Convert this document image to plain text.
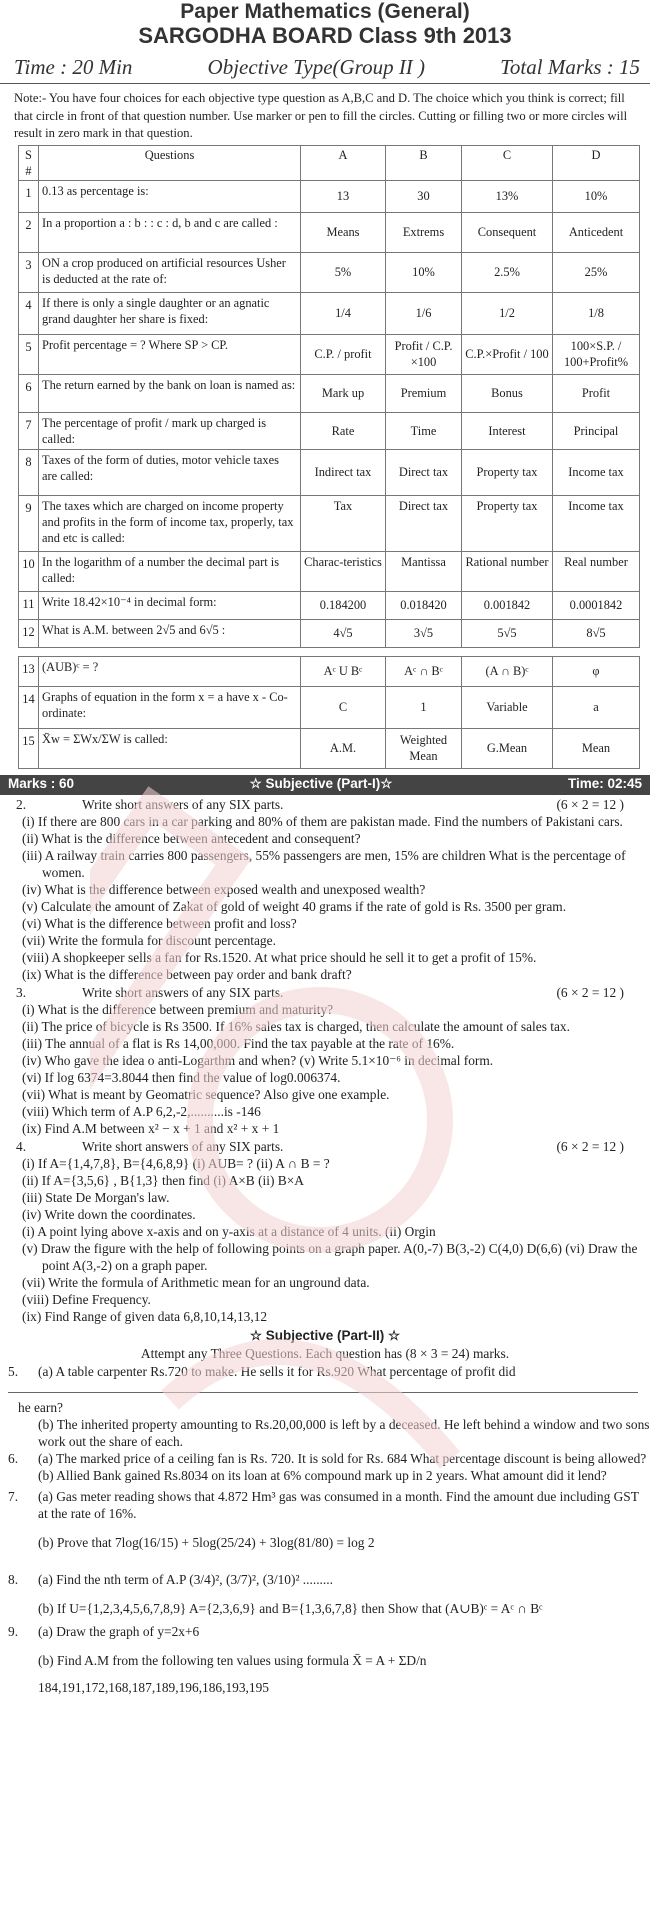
Paper Mathematics (General)
SARGODHA BOARD Class 9th 2013
Time : 20 Min	Objective Type(Group II )	Total Marks : 15
Note:- You have four choices for each objective type question as A,B,C and D. The choice which you think is correct; fill that circle in front of that question number. Use marker or pen to fill the circles. Cutting or filling two or more circles will result in zero mark in that question.
S #	Questions	A	B	C	D
1	0.13 as percentage is:	13	30	13%	10%
2	In a proportion a : b : : c : d, b and c are called :	Means	Extrems	Consequent	Anticedent
3	ON a crop produced on artificial resources Usher is deducted at the rate of:	5%	10%	2.5%	25%
4	If there is only a single daughter or an agnatic grand daughter her share is fixed:	1/4	1/6	1/2	1/8
5	Profit percentage = ? Where SP > CP.	C.P. / profit	Profit / C.P. ×100	C.P.×Profit / 100	100×S.P. / 100+Profit%
6	The return earned by the bank on loan is named as:	Mark up	Premium	Bonus	Profit
7	The percentage of profit / mark up charged is called:	Rate	Time	Interest	Principal
8	Taxes of the form of duties, motor vehicle taxes are called:	Indirect tax	Direct tax	Property tax	Income tax
9	The taxes which are charged on income property and profits in the form of income tax, properly, tax and etc is called:	Tax	Direct tax	Property tax	Income tax
10	In the logarithm of a number the decimal part is called:	Charac-teristics	Mantissa	Rational number	Real number
11	Write 18.42×10⁻⁴ in decimal form:	0.184200	0.018420	0.001842	0.0001842
12	What is A.M. between 2√5 and 6√5 :	4√5	3√5	5√5	8√5
13	(AUB)ᶜ = ?	Aᶜ U Bᶜ	Aᶜ ∩ Bᶜ	(A ∩ B)ᶜ	φ
14	Graphs of equation in the form x = a have x - Co-ordinate:	C	1	Variable	a
15	X̄w = ΣWx/ΣW is called:	A.M.	Weighted Mean	G.Mean	Mean
Marks : 60	☆ Subjective (Part-I)☆	Time: 02:45
2.	Write short answers of any SIX parts.	(6 × 2 = 12 )
(i) If there are 800 cars in a car parking and 80% of them are pakistan made. Find the numbers of Pakistani cars.
(ii) What is the difference between antecedent and consequent?
(iii) A railway train carries 800 passengers, 55% passengers are men, 15% are children What is the percentage of women.
(iv) What is the difference between exposed wealth and unexposed wealth?
(v) Calculate the amount of Zakat of gold of weight 40 grams if the rate of gold is Rs. 3500 per gram.
(vi) What is the difference between profit and loss?
(vii) Write the formula for discount percentage.
(viii) A shopkeeper sells a fan for Rs.1520. At what price should he sell it to get a profit of 15%.
(ix) What is the difference between pay order and bank draft?
3.	Write short answers of any SIX parts.	(6 × 2 = 12 )
(i) What is the difference between premium and maturity?
(ii) The price of bicycle is Rs 3500. If 16% sales tax is charged, then calculate the amount of sales tax.
(iii) The annual of a flat is Rs 14,00,000. Find the tax payable at the rate of 16%.
(iv) Who gave the idea o anti-Logarthm and when? (v) Write 5.1×10⁻⁶ in decimal form.
(vi) If log 6374=3.8044 then find the value of log0.006374.
(vii) What is meant by Geomatric sequence? Also give one example.
(viii) Which term of A.P 6,2,-2,..........is -146
(ix) Find A.M between x² − x + 1 and x² + x + 1
4.	Write short answers of any SIX parts.	(6 × 2 = 12 )
(i) If A={1,4,7,8}, B={4,6,8,9} (i) AUB= ? (ii) A ∩ B = ?
(ii) If A={3,5,6} , B{1,3} then find (i) A×B (ii) B×A
(iii) State De Morgan's law.
(iv) Write down the coordinates.
(i) A point lying above x-axis and on y-axis at a distance of 4 units. (ii) Orgin
(v) Draw the figure with the help of following points on a graph paper. A(0,-7) B(3,-2) C(4,0) D(6,6) (vi) Draw the point A(3,-2) on a graph paper.
(vii) Write the formula of Arithmetic mean for an unground data.
(viii) Define Frequency.
(ix) Find Range of given data 6,8,10,14,13,12
☆ Subjective (Part-II) ☆
Attempt any Three Questions. Each question has (8 × 3 = 24) marks.
5.	(a) A table carpenter Rs.720 to make. He sells it for Rs.920 What percentage of profit did
he earn?
(b) The inherited property amounting to Rs.20,00,000 is left by a deceased. He left behind a window and two sons work out the share of each.
6.	(a) The marked price of a ceiling fan is Rs. 720. It is sold for Rs. 684 What percentage discount is being allowed?
(b) Allied Bank gained Rs.8034 on its loan at 6% compound mark up in 2 years. What amount did it lend?
7.	(a) Gas meter reading shows that 4.872 Hm³ gas was consumed in a month. Find the amount due including GST at the rate of 16%.
(b) Prove that 7log(16/15) + 5log(25/24) + 3log(81/80) = log 2
8.	(a) Find the nth term of A.P (3/4)², (3/7)², (3/10)² .........
(b) If U={1,2,3,4,5,6,7,8,9} A={2,3,6,9} and B={1,3,6,7,8} then Show that (A∪B)ᶜ = Aᶜ ∩ Bᶜ
9.	(a) Draw the graph of y=2x+6
(b) Find A.M from the following ten values using formula X̄ = A + ΣD/n
184,191,172,168,187,189,196,186,193,195
